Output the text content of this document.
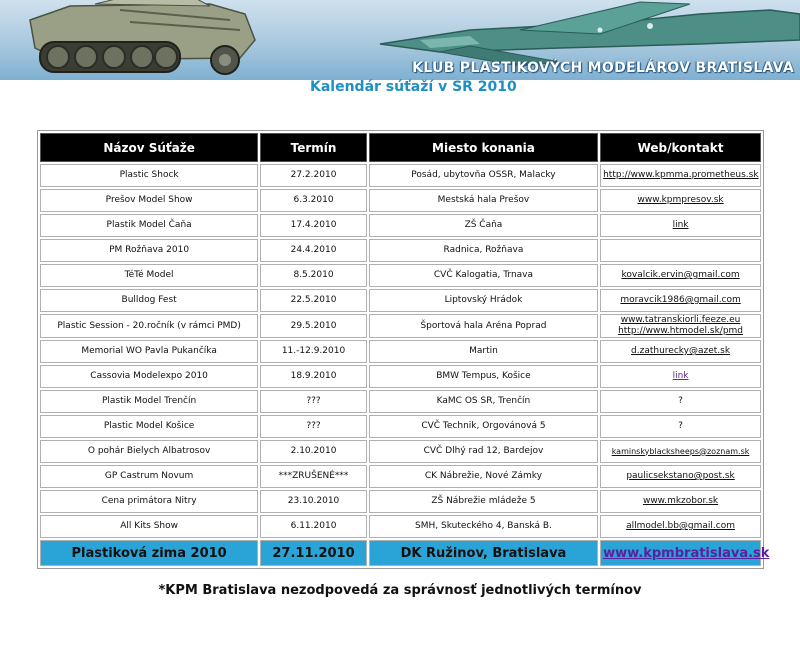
KLUB PLASTIKOVÝCH MODELÁROV BRATISLAVA
Kalendár súťaží v SR 2010
Názov Súťaže	Termín	Miesto konania	Web/kontakt
Plastic Shock	27.2.2010	Posád, ubytovňa OSSR, Malacky	http://www.kpmma.prometheus.sk
Prešov Model Show	6.3.2010	Mestská hala Prešov	www.kpmpresov.sk
Plastik Model Čaňa	17.4.2010	ZŠ Čaňa	link
PM Rožňava 2010	24.4.2010	Radnica, Rožňava	
TéTé Model	8.5.2010	CVČ Kalogatia, Trnava	kovalcik.ervin@gmail.com
Bulldog Fest	22.5.2010	Liptovský Hrádok	moravcik1986@gmail.com
Plastic Session - 20.ročník (v rámci PMD)	29.5.2010	Športová hala Aréna Poprad	www.tatranskiorli.feeze.eu
http://www.htmodel.sk/pmd
Memorial WO Pavla Pukančíka	11.-12.9.2010	Martin	d.zathurecky@azet.sk
Cassovia Modelexpo 2010	18.9.2010	BMW Tempus, Košice	link
Plastik Model Trenčín	???	KaMC OS SR, Trenčín	?
Plastic Model Košice	???	CVČ Technik, Orgovánová 5	?
O pohár Bielych Albatrosov	2.10.2010	CVČ Dlhý rad 12, Bardejov	kaminskyblacksheeps@zoznam.sk
GP Castrum Novum	***ZRUŠENÉ***	CK Nábrežie, Nové Zámky	paulicsekstano@post.sk
Cena primátora Nitry	23.10.2010	ZŠ Nábrežie mládeže 5	www.mkzobor.sk
All Kits Show	6.11.2010	SMH, Skuteckého 4, Banská B.	allmodel.bb@gmail.com
Plastiková zima 2010	27.11.2010	DK Ružinov, Bratislava	www.kpmbratislava.sk
*KPM Bratislava nezodpovedá za správnosť jednotlivých termínov
